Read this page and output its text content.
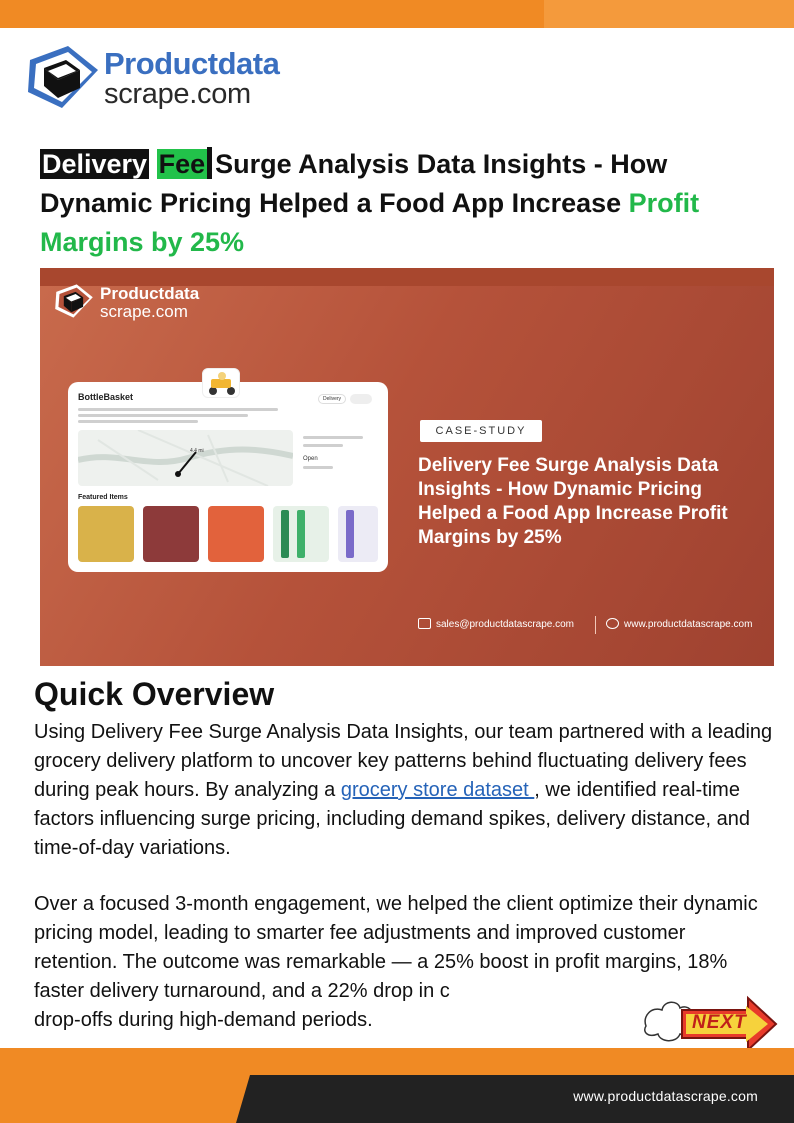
Productdata
scrape.com
Delivery Fee Surge Analysis Data Insights - How Dynamic Pricing Helped a Food App Increase Profit Margins by 25%
Productdata
scrape.com
BottleBasket	Delivery
4.4 mi
Open
Featured Items
CASE-STUDY
Delivery Fee Surge Analysis Data Insights - How Dynamic Pricing Helped a Food App Increase Profit Margins by 25%
sales@productdatascrape.com	www.productdatascrape.com
Quick Overview

Using Delivery Fee Surge Analysis Data Insights, our team partnered with a leading grocery delivery platform to uncover key patterns behind fluctuating delivery fees during peak hours. By analyzing a grocery store dataset , we identified real-time factors influencing surge pricing, including demand spikes, delivery distance, and time-of-day variations.

Over a focused 3-month engagement, we helped the client optimize their dynamic pricing model, leading to smarter fee adjustments and improved customer retention. The outcome was remarkable — a 25% boost in profit margins, 18% faster delivery turnaround, and a 22% drop in c
drop-offs during high-demand periods.	NEXT
www.productdatascrape.com
